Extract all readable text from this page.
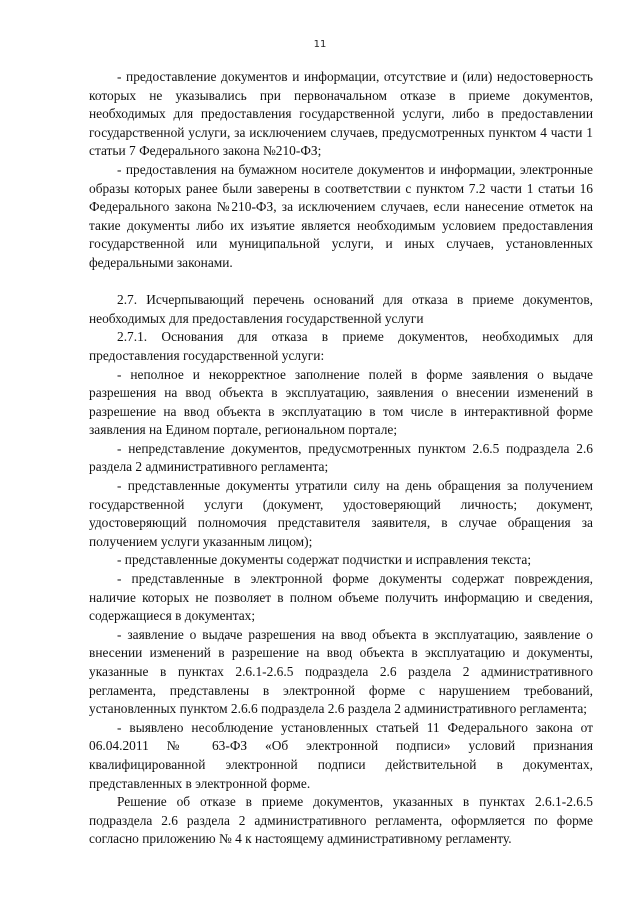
11

- предоставление документов и информации, отсутствие и (или) недостоверность которых не указывались при первоначальном отказе в приеме документов, необходимых для предоставления государственной услуги, либо в предоставлении государственной услуги, за исключением случаев, предусмотренных пунктом 4 части 1 статьи 7 Федерального закона №210-ФЗ;

- предоставления на бумажном носителе документов и информации, электронные образы которых ранее были заверены в соответствии с пунктом 7.2 части 1 статьи 16 Федерального закона №210-ФЗ, за исключением случаев, если нанесение отметок на такие документы либо их изъятие является необходимым условием предоставления государственной или муниципальной услуги, и иных случаев, установленных федеральными законами.

2.7. Исчерпывающий перечень оснований для отказа в приеме документов, необходимых для предоставления государственной услуги

2.7.1. Основания для отказа в приеме документов, необходимых для предоставления государственной услуги:

- неполное и некорректное заполнение полей в форме заявления о выдаче разрешения на ввод объекта в эксплуатацию, заявления о внесении изменений в разрешение на ввод объекта в эксплуатацию в том числе в интерактивной форме заявления на Едином портале, региональном портале;

- непредставление документов, предусмотренных пунктом 2.6.5 подраздела 2.6 раздела 2 административного регламента;

- представленные документы утратили силу на день обращения за получением государственной услуги (документ, удостоверяющий личность; документ, удостоверяющий полномочия представителя заявителя, в случае обращения за получением услуги указанным лицом);

- представленные документы содержат подчистки и исправления текста;

- представленные в электронной форме документы содержат повреждения, наличие которых не позволяет в полном объеме получить информацию и сведения, содержащиеся в документах;

- заявление о выдаче разрешения на ввод объекта в эксплуатацию, заявление о внесении изменений в разрешение на ввод объекта в эксплуатацию и документы, указанные в пунктах 2.6.1-2.6.5 подраздела 2.6 раздела 2 административного регламента, представлены в электронной форме с нарушением требований, установленных пунктом 2.6.6 подраздела 2.6 раздела 2 административного регламента;

- выявлено несоблюдение установленных статьей 11 Федерального закона от 06.04.2011 № 63-ФЗ «Об электронной подписи» условий признания квалифицированной электронной подписи действительной в документах, представленных в электронной форме.

Решение об отказе в приеме документов, указанных в пунктах 2.6.1-2.6.5 подраздела 2.6 раздела 2 административного регламента, оформляется по форме согласно приложению № 4 к настоящему административному регламенту.
